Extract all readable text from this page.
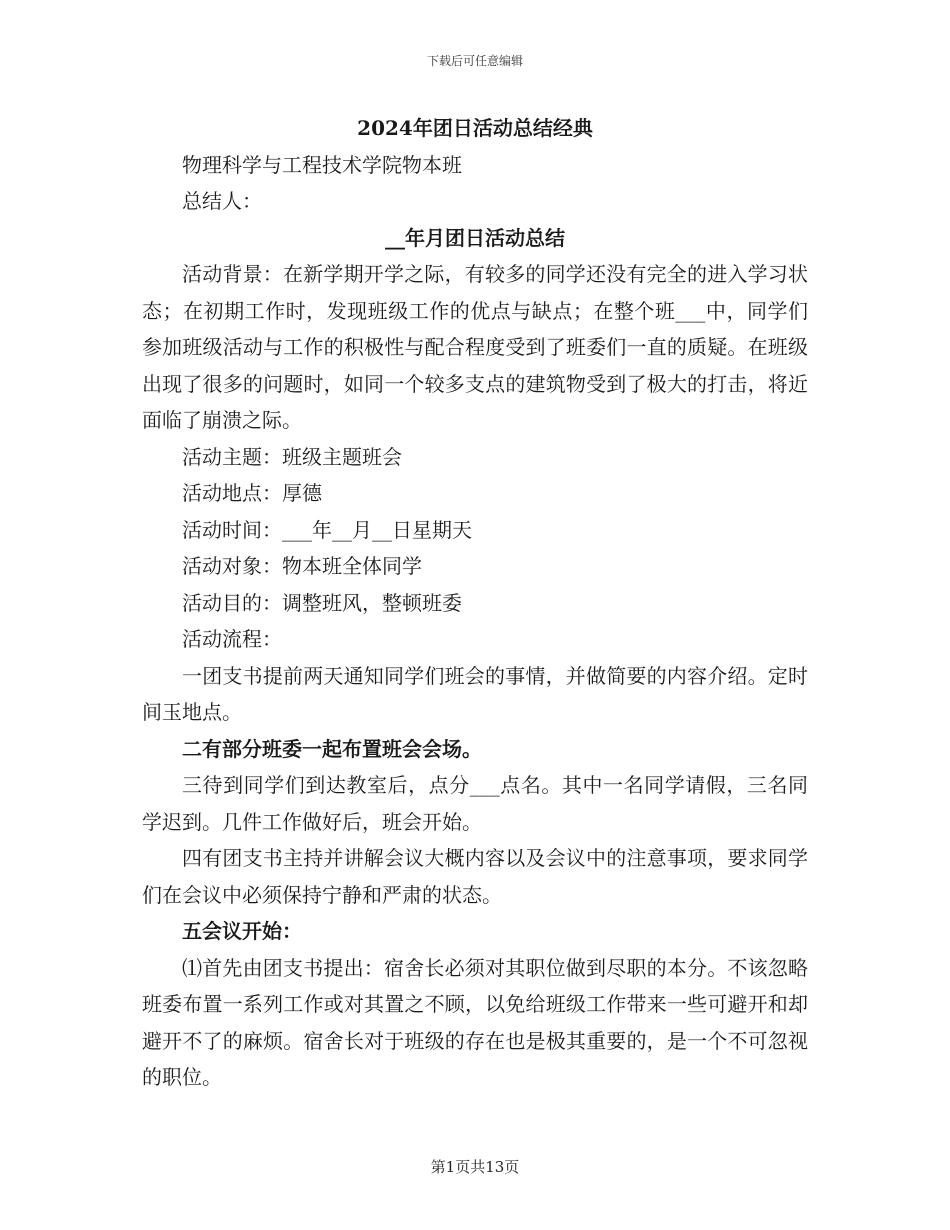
下载后可任意编辑

2024年团日活动总结经典

物理科学与工程技术学院物本班

总结人：

__年月团日活动总结

活动背景：在新学期开学之际，有较多的同学还没有完全的进入学习状态；在初期工作时，发现班级工作的优点与缺点；在整个班___中，同学们参加班级活动与工作的积极性与配合程度受到了班委们一直的质疑。在班级出现了很多的问题时，如同一个较多支点的建筑物受到了极大的打击，将近面临了崩溃之际。

活动主题：班级主题班会

活动地点：厚德

活动时间：___年__月__日星期天

活动对象：物本班全体同学

活动目的：调整班风，整顿班委

活动流程：

一团支书提前两天通知同学们班会的事情，并做简要的内容介绍。定时间玉地点。

二有部分班委一起布置班会会场。

三待到同学们到达教室后，点分___点名。其中一名同学请假，三名同学迟到。几件工作做好后，班会开始。

四有团支书主持并讲解会议大概内容以及会议中的注意事项，要求同学们在会议中必须保持宁静和严肃的状态。

五会议开始：

⑴首先由团支书提出：宿舍长必须对其职位做到尽职的本分。不该忽略班委布置一系列工作或对其置之不顾，以免给班级工作带来一些可避开和却避开不了的麻烦。宿舍长对于班级的存在也是极其重要的，是一个不可忽视的职位。

第1页共13页
